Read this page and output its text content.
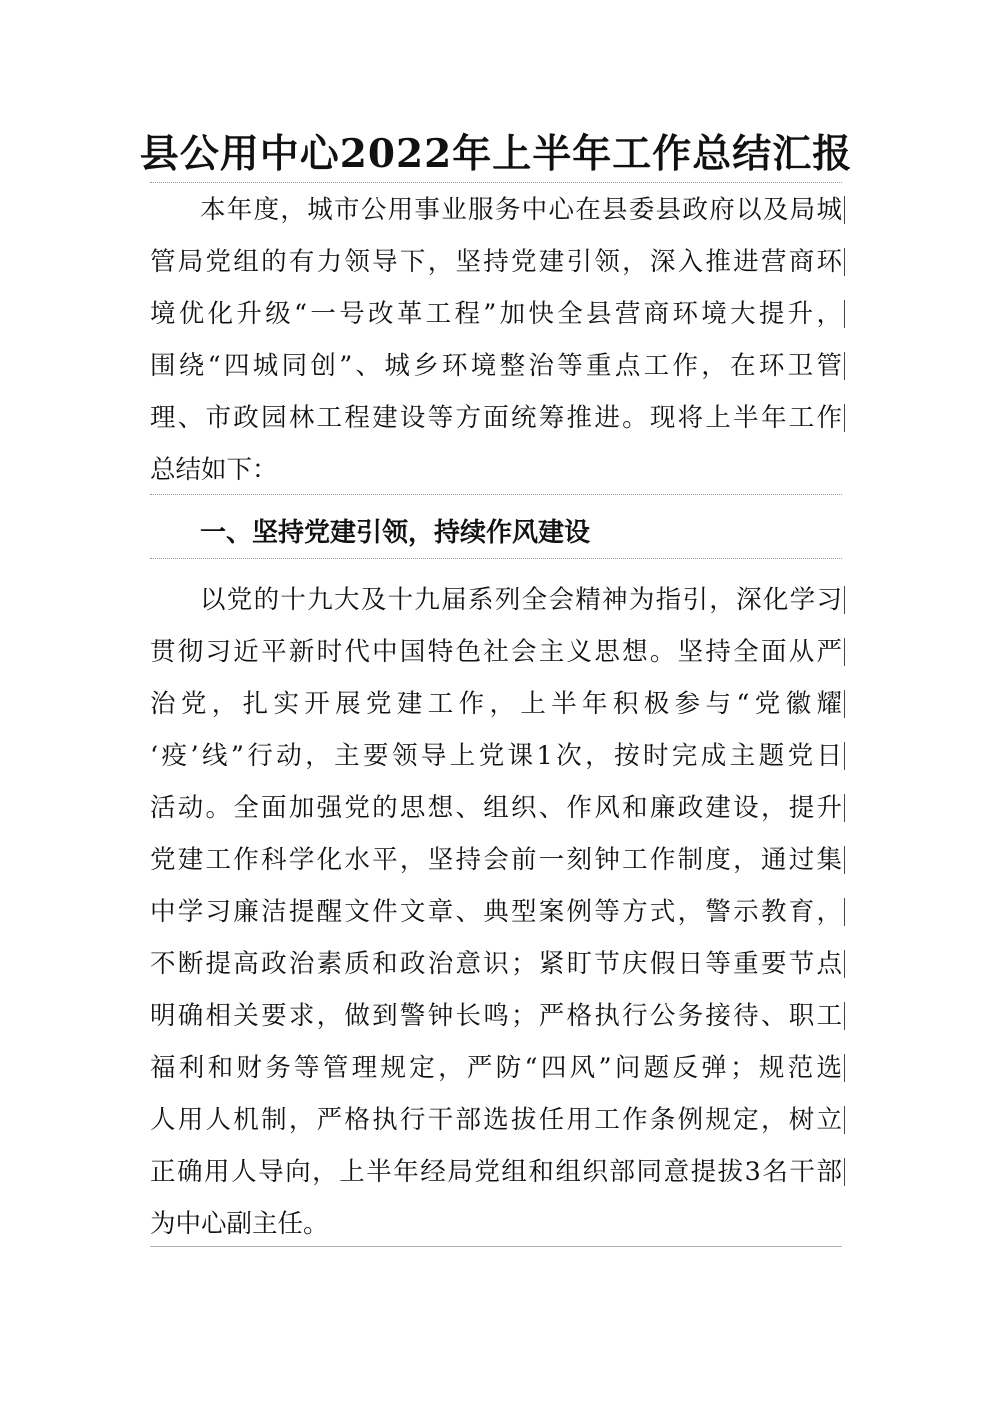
县公用中心2022年上半年工作总结汇报
本年度，城市公用事业服务中心在县委县政府以及局城
管局党组的有力领导下，坚持党建引领，深入推进营商环
境优化升级“一号改革工程”加快全县营商环境大提升，
围绕“四城同创”、城乡环境整治等重点工作，在环卫管
理、市政园林工程建设等方面统筹推进。现将上半年工作
总结如下：
一、坚持党建引领，持续作风建设
以党的十九大及十九届系列全会精神为指引，深化学习
贯彻习近平新时代中国特色社会主义思想。坚持全面从严
治党，扎实开展党建工作，上半年积极参与“党徽耀
‘疫’线”行动，主要领导上党课1次，按时完成主题党日
活动。全面加强党的思想、组织、作风和廉政建设，提升
党建工作科学化水平，坚持会前一刻钟工作制度，通过集
中学习廉洁提醒文件文章、典型案例等方式，警示教育，
不断提高政治素质和政治意识；紧盯节庆假日等重要节点
明确相关要求，做到警钟长鸣；严格执行公务接待、职工
福利和财务等管理规定，严防“四风”问题反弹；规范选
人用人机制，严格执行干部选拔任用工作条例规定，树立
正确用人导向，上半年经局党组和组织部同意提拔3名干部
为中心副主任。
